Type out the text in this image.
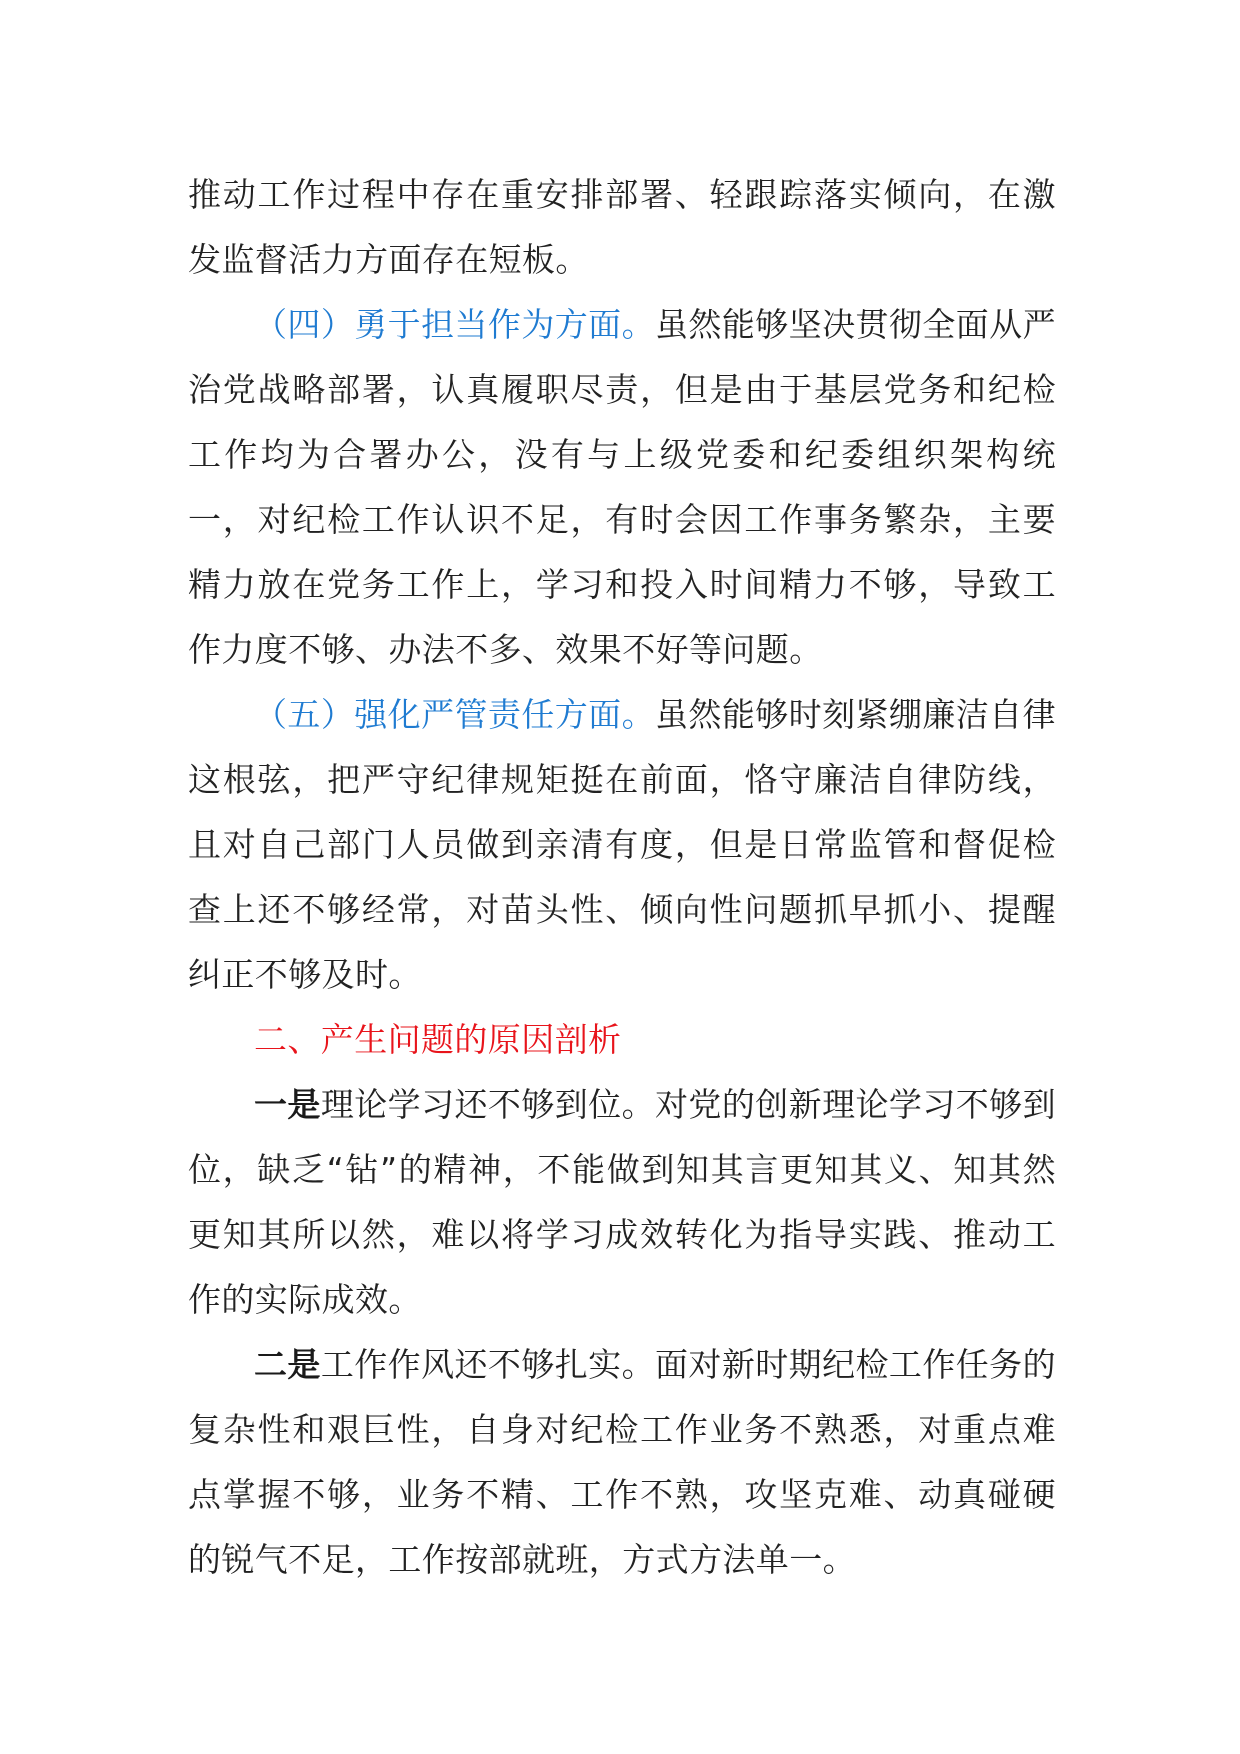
推动工作过程中存在重安排部署、轻跟踪落实倾向，在激发监督活力方面存在短板。

（四）勇于担当作为方面。虽然能够坚决贯彻全面从严治党战略部署，认真履职尽责，但是由于基层党务和纪检工作均为合署办公，没有与上级党委和纪委组织架构统一，对纪检工作认识不足，有时会因工作事务繁杂，主要精力放在党务工作上，学习和投入时间精力不够，导致工作力度不够、办法不多、效果不好等问题。

（五）强化严管责任方面。虽然能够时刻紧绷廉洁自律这根弦，把严守纪律规矩挺在前面，恪守廉洁自律防线，且对自己部门人员做到亲清有度，但是日常监管和督促检查上还不够经常，对苗头性、倾向性问题抓早抓小、提醒纠正不够及时。

二、产生问题的原因剖析

一是理论学习还不够到位。对党的创新理论学习不够到位，缺乏“钻”的精神，不能做到知其言更知其义、知其然更知其所以然，难以将学习成效转化为指导实践、推动工作的实际成效。

二是工作作风还不够扎实。面对新时期纪检工作任务的复杂性和艰巨性，自身对纪检工作业务不熟悉，对重点难点掌握不够，业务不精、工作不熟，攻坚克难、动真碰硬的锐气不足，工作按部就班，方式方法单一。
